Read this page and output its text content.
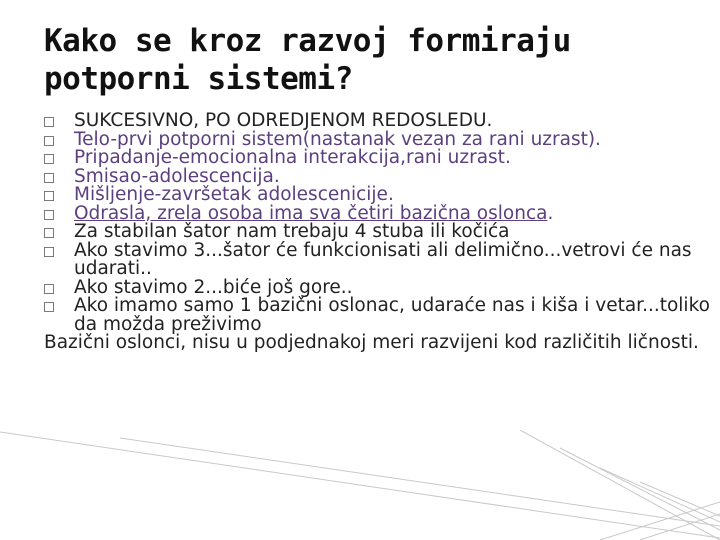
Kako se kroz razvoj formiraju potporni sistemi?

SUKCESIVNO, PO ODREDJENOM REDOSLEDU.

Telo-prvi potporni sistem(nastanak vezan za rani uzrast).

Pripadanje-emocionalna interakcija,rani uzrast.

Smisao-adolescencija.

Mišljenje-završetak adolescenicije.

Odrasla, zrela osoba ima sva četiri bazična oslonca.

Za stabilan šator nam trebaju 4 stuba ili kočića

Ako stavimo 3...šator će funkcionisati ali delimično...vetrovi će nas udarati..

Ako stavimo 2...biće još gore..

Ako imamo samo 1 bazični oslonac, udaraće nas i kiša i vetar...toliko da možda preživimo

Bazični oslonci, nisu u podjednakoj meri razvijeni kod različitih ličnosti.
